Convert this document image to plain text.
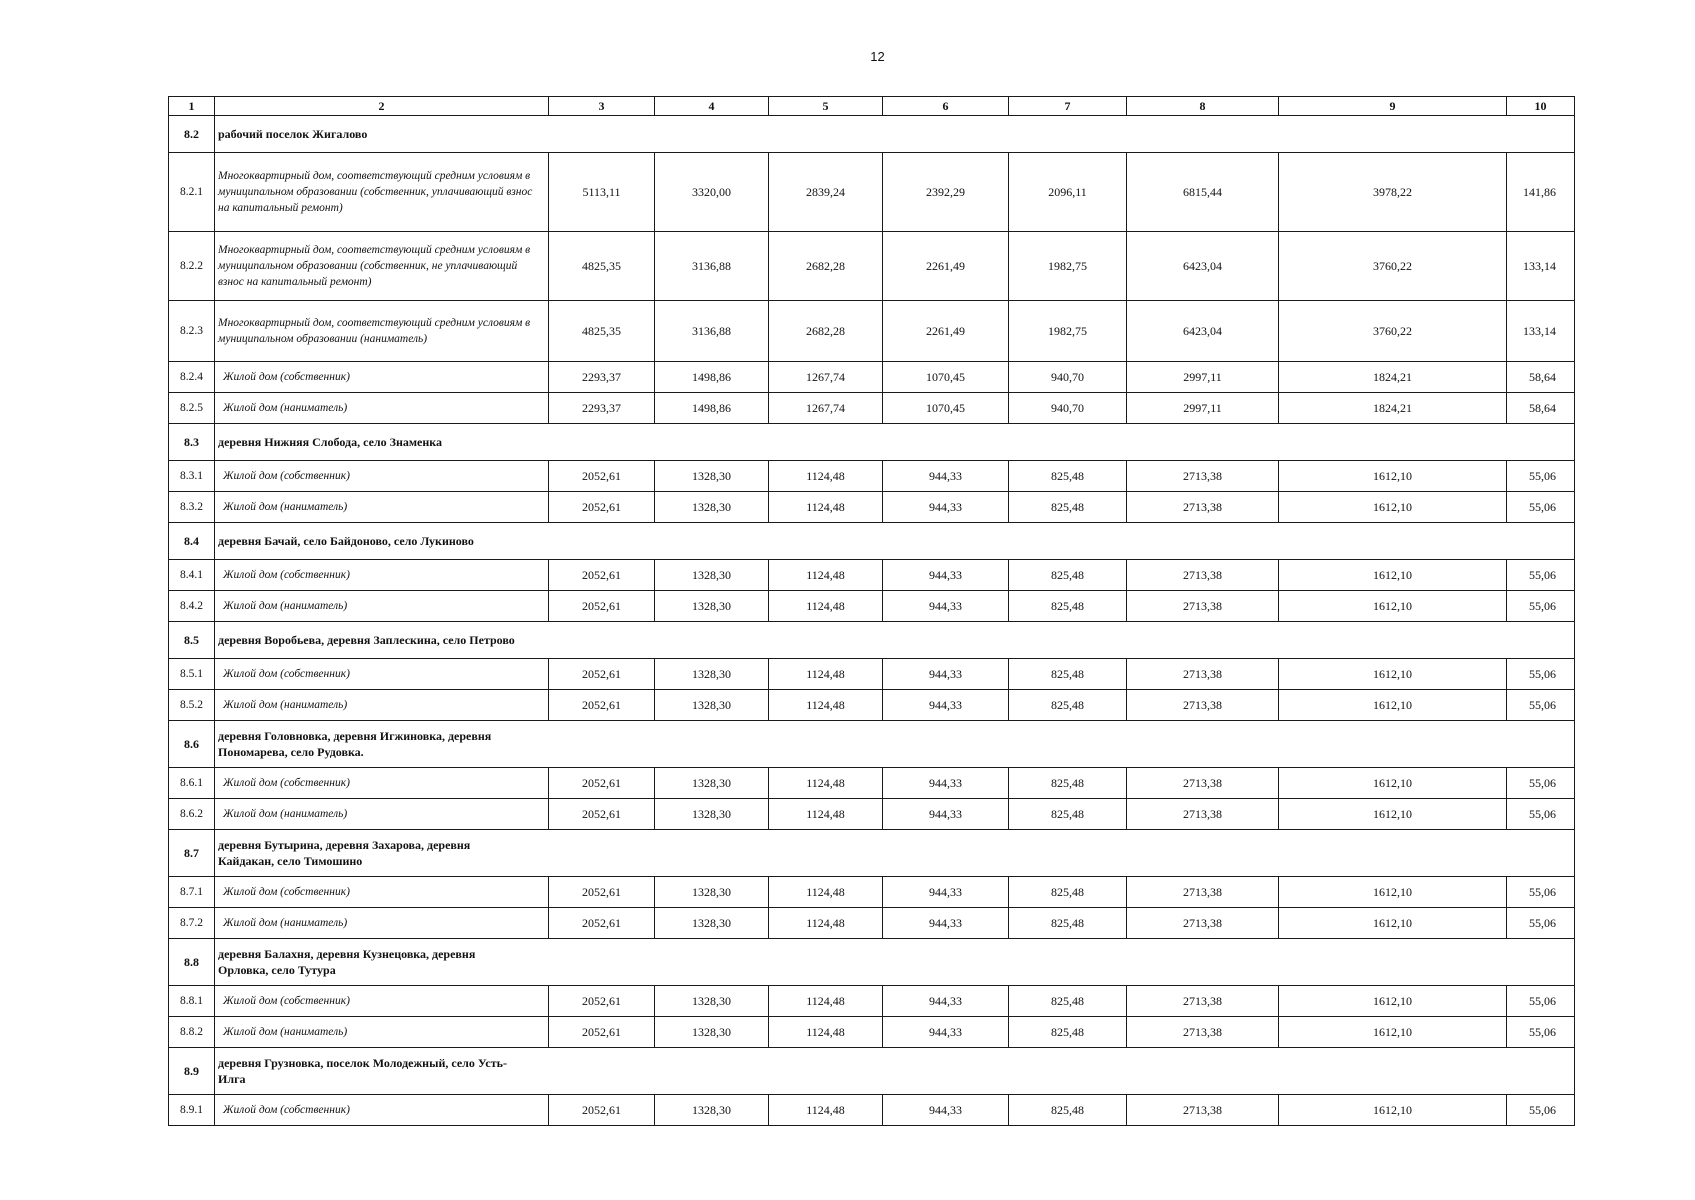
12
1	2	3	4	5	6	7	8	9	10
8.2	рабочий поселок Жигалово								
8.2.1	Многоквартирный дом, соответствующий средним условиям в муниципальном образовании (собственник, уплачивающий взнос на капитальный ремонт)	5113,11	3320,00	2839,24	2392,29	2096,11	6815,44	3978,22	141,86
8.2.2	Многоквартирный дом, соответствующий средним условиям в муниципальном образовании (собственник, не уплачивающий взнос на капитальный ремонт)	4825,35	3136,88	2682,28	2261,49	1982,75	6423,04	3760,22	133,14
8.2.3	Многоквартирный дом, соответствующий средним условиям в муниципальном образовании (наниматель)	4825,35	3136,88	2682,28	2261,49	1982,75	6423,04	3760,22	133,14
8.2.4	Жилой дом (собственник)	2293,37	1498,86	1267,74	1070,45	940,70	2997,11	1824,21	58,64
8.2.5	Жилой дом (наниматель)	2293,37	1498,86	1267,74	1070,45	940,70	2997,11	1824,21	58,64
8.3	деревня Нижняя Слобода, село Знаменка								
8.3.1	Жилой дом (собственник)	2052,61	1328,30	1124,48	944,33	825,48	2713,38	1612,10	55,06
8.3.2	Жилой дом (наниматель)	2052,61	1328,30	1124,48	944,33	825,48	2713,38	1612,10	55,06
8.4	деревня Бачай, село Байдоново, село Лукиново								
8.4.1	Жилой дом (собственник)	2052,61	1328,30	1124,48	944,33	825,48	2713,38	1612,10	55,06
8.4.2	Жилой дом (наниматель)	2052,61	1328,30	1124,48	944,33	825,48	2713,38	1612,10	55,06
8.5	деревня Воробьева, деревня Заплескина, село Петрово								
8.5.1	Жилой дом (собственник)	2052,61	1328,30	1124,48	944,33	825,48	2713,38	1612,10	55,06
8.5.2	Жилой дом (наниматель)	2052,61	1328,30	1124,48	944,33	825,48	2713,38	1612,10	55,06
8.6	деревня Головновка, деревня Игжиновка, деревня Пономарева, село Рудовка.								
8.6.1	Жилой дом (собственник)	2052,61	1328,30	1124,48	944,33	825,48	2713,38	1612,10	55,06
8.6.2	Жилой дом (наниматель)	2052,61	1328,30	1124,48	944,33	825,48	2713,38	1612,10	55,06
8.7	деревня Бутырина, деревня Захарова, деревня Кайдакан, село Тимошино								
8.7.1	Жилой дом (собственник)	2052,61	1328,30	1124,48	944,33	825,48	2713,38	1612,10	55,06
8.7.2	Жилой дом (наниматель)	2052,61	1328,30	1124,48	944,33	825,48	2713,38	1612,10	55,06
8.8	деревня Балахня, деревня Кузнецовка, деревня Орловка, село Тутура								
8.8.1	Жилой дом (собственник)	2052,61	1328,30	1124,48	944,33	825,48	2713,38	1612,10	55,06
8.8.2	Жилой дом (наниматель)	2052,61	1328,30	1124,48	944,33	825,48	2713,38	1612,10	55,06
8.9	деревня Грузновка, поселок Молодежный, село Усть-Илга								
8.9.1	Жилой дом (собственник)	2052,61	1328,30	1124,48	944,33	825,48	2713,38	1612,10	55,06
